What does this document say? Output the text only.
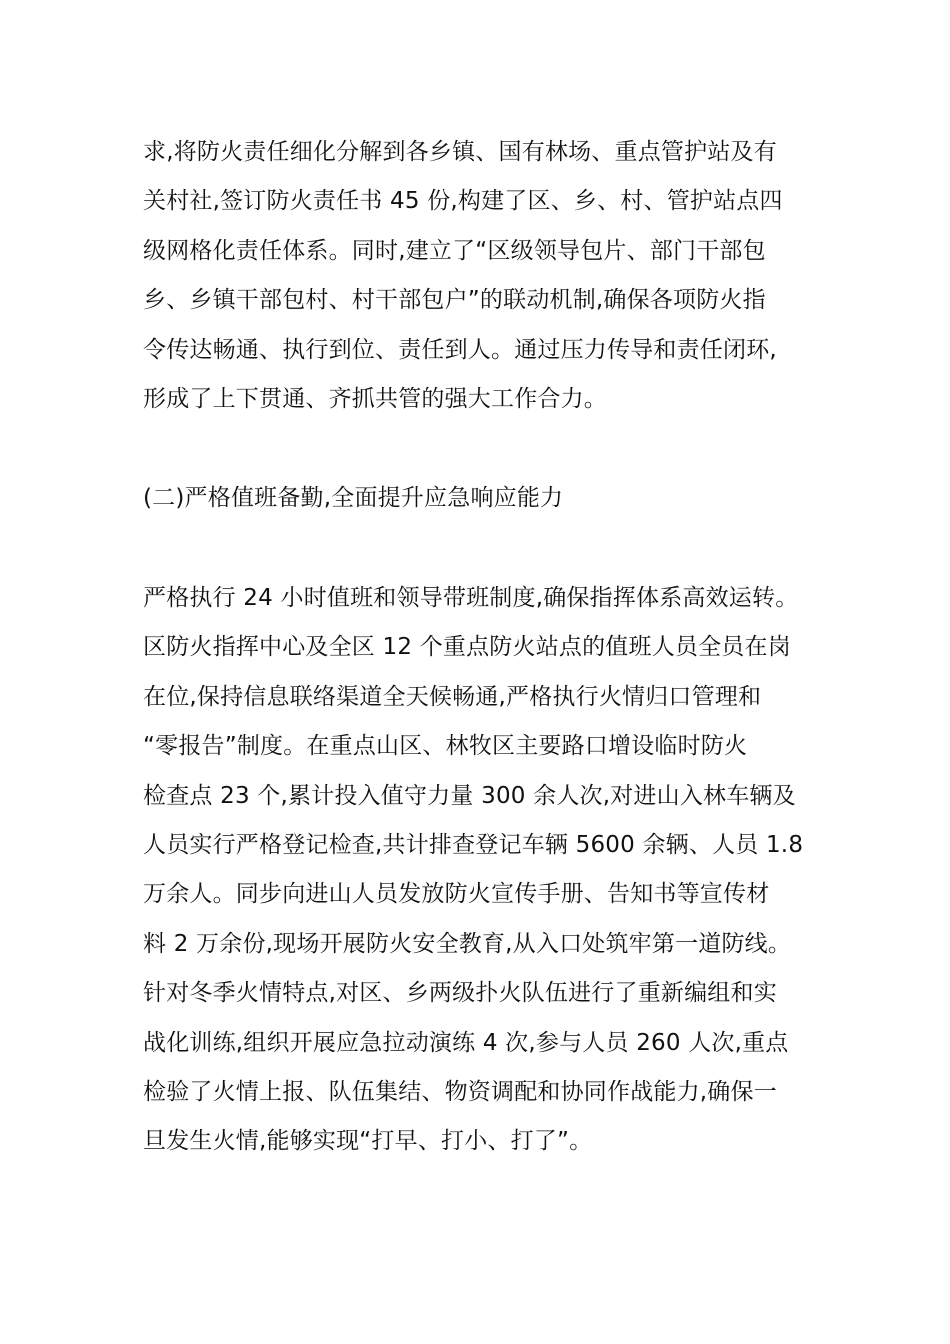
求,将防火责任细化分解到各乡镇、国有林场、重点管护站及有
关村社,签订防火责任书 45 份,构建了区、乡、村、管护站点四
级网格化责任体系。同时,建立了“区级领导包片、部门干部包
乡、乡镇干部包村、村干部包户”的联动机制,确保各项防火指
令传达畅通、执行到位、责任到人。通过压力传导和责任闭环,
形成了上下贯通、齐抓共管的强大工作合力。
(二)严格值班备勤,全面提升应急响应能力
严格执行 24 小时值班和领导带班制度,确保指挥体系高效运转。
区防火指挥中心及全区 12 个重点防火站点的值班人员全员在岗
在位,保持信息联络渠道全天候畅通,严格执行火情归口管理和
“零报告”制度。在重点山区、林牧区主要路口增设临时防火
检查点 23 个,累计投入值守力量 300 余人次,对进山入林车辆及
人员实行严格登记检查,共计排查登记车辆 5600 余辆、人员 1.8
万余人。同步向进山人员发放防火宣传手册、告知书等宣传材
料 2 万余份,现场开展防火安全教育,从入口处筑牢第一道防线。
针对冬季火情特点,对区、乡两级扑火队伍进行了重新编组和实
战化训练,组织开展应急拉动演练 4 次,参与人员 260 人次,重点
检验了火情上报、队伍集结、物资调配和协同作战能力,确保一
旦发生火情,能够实现“打早、打小、打了”。
